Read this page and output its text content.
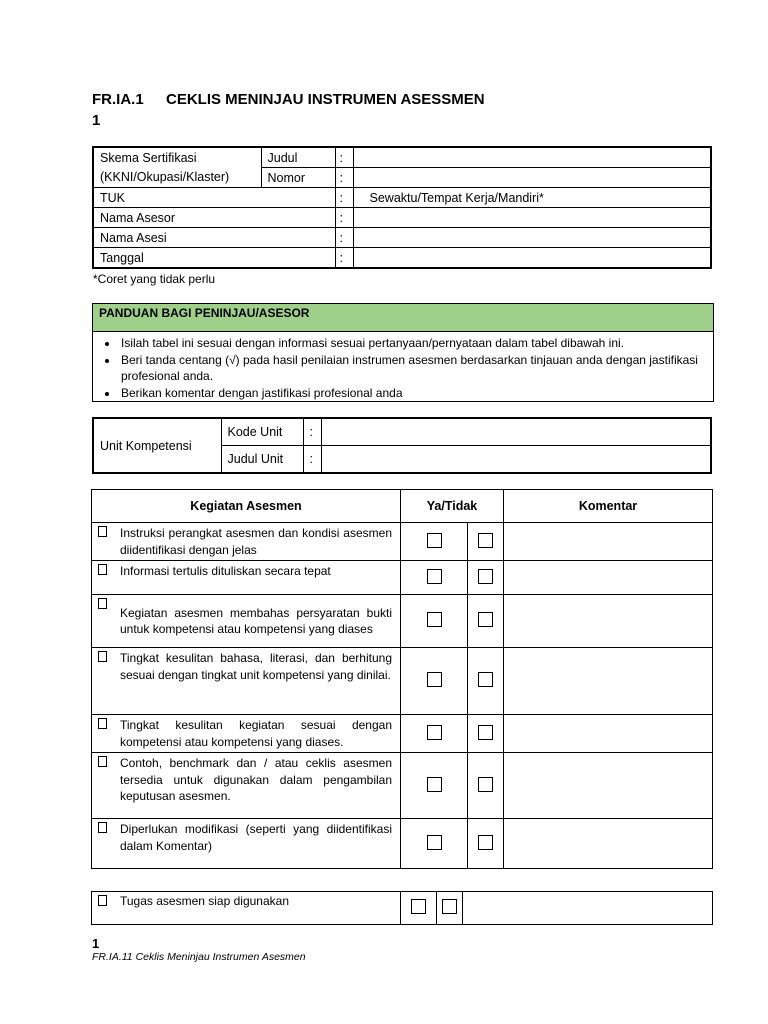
FR.IA.1 CEKLIS MENINJAU INSTRUMEN ASESSMEN
1
Skema Sertifikasi
(KKNI/Okupasi/Klaster)	Judul	:	
	Nomor	:	
TUK		:	Sewaktu/Tempat Kerja/Mandiri*
Nama Asesor		:	
Nama Asesi		:	
Tanggal		:	
*Coret yang tidak perlu
PANDUAN BAGI PENINJAU/ASESOR
• Isilah tabel ini sesuai dengan informasi sesuai pertanyaan/pernyataan dalam tabel dibawah ini.
• Beri tanda centang (√) pada hasil penilaian instrumen asesmen berdasarkan tinjauan anda dengan jastifikasi profesional anda.
• Berikan komentar dengan jastifikasi profesional anda
Unit Kompetensi	Kode Unit	:	
	Judul Unit	:	
Kegiatan Asesmen	Ya/Tidak		Komentar

Instruksi perangkat asesmen dan kondisi asesmen diidentifikasi dengan jelas			

Informasi tertulis dituliskan secara tepat			

Kegiatan asesmen membahas persyaratan bukti untuk kompetensi atau kompetensi yang diases			

Tingkat kesulitan bahasa, literasi, dan berhitung sesuai dengan tingkat unit kompetensi yang dinilai.			

Tingkat kesulitan kegiatan sesuai dengan kompetensi atau kompetensi yang diases.			

Contoh, benchmark dan / atau ceklis asesmen tersedia untuk digunakan dalam pengambilan keputusan asesmen.			

Diperlukan modifikasi (seperti yang diidentifikasi dalam Komentar)			
Tugas asesmen siap digunakan			
1
FR.IA.11 Ceklis Meninjau Instrumen Asesmen
